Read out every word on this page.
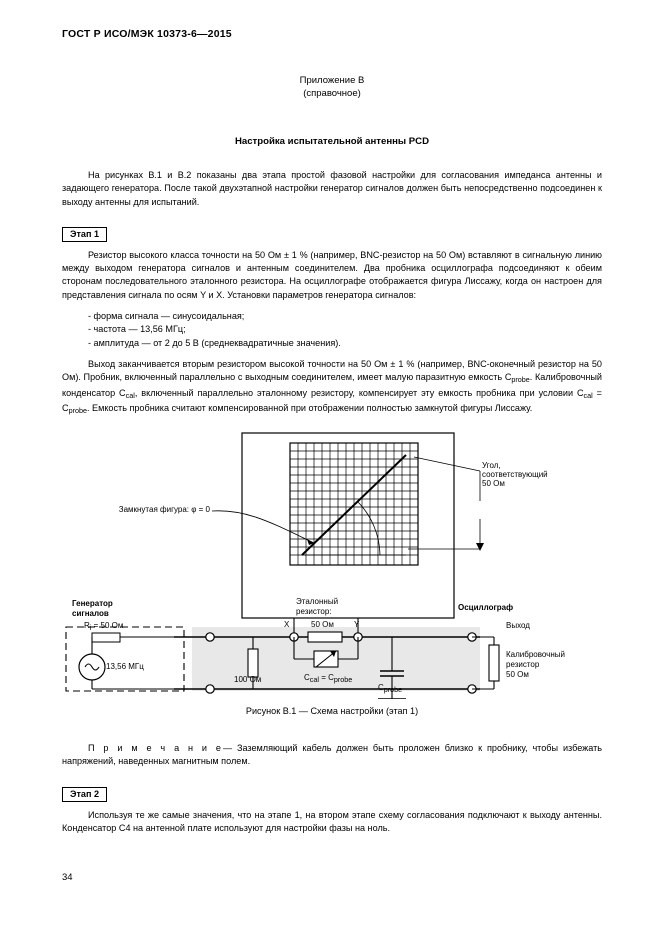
ГОСТ Р ИСО/МЭК 10373-6—2015
Приложение В
(справочное)
Настройка испытательной антенны PCD

На рисунках В.1 и В.2 показаны два этапа простой фазовой настройки для согласования импеданса антенны и задающего генератора. После такой двухэтапной настройки генератор сигналов должен быть непосредственно подсоединен к выходу антенны для испытаний.

Этап 1

Резистор высокого класса точности на 50 Ом ± 1 % (например, BNC-резистор на 50 Ом) вставляют в сигнальную линию между выходом генератора сигналов и антенным соединителем. Два пробника осциллографа подсоединяют к обеим сторонам последовательного эталонного резистора. На осциллографе отображается фигура Лиссажу, когда он настроен для представления сигнала по осям Y и X. Установки параметров генератора сигналов:

- форма сигнала — синусоидальная;
- частота — 13,56 МГц;
- амплитуда — от 2 до 5 В (среднеквадратичные значения).

Выход заканчивается вторым резистором высокой точности на 50 Ом ± 1 % (например, BNC-оконечный резистор на 50 Ом). Пробник, включенный параллельно с выходным соединителем, имеет малую паразитную емкость $C_{probe}$. Калибровочный конденсатор $C_{cal}$, включенный параллельно эталонному резистору, компенсирует эту емкость пробника при условии $C_{cal} = C_{probe}$. Емкость пробника считают компенсированной при отображении полностью замкнутой фигуры Лиссажу.

Замкнутая фигура: φ = 0
Угол,
соответствующий
50 Ом
Осциллограф
Генератор
сигналов
Ri = 50 Ом
13,56 МГц
Эталонный
резистор:
50 Ом
X	Y
100 Ом	Ccal = Cprobe
Cprobe
Выход
Калибровочный
резистор
50 Ом
Рисунок В.1 — Схема настройки (этап 1)

П р и м е ч а н и е— Заземляющий кабель должен быть проложен близко к пробнику, чтобы избежать напряжений, наведенных магнитным полем.

Этап 2

Используя те же самые значения, что на этапе 1, на втором этапе схему согласования подключают к выходу антенны. Конденсатор C4 на антенной плате используют для настройки фазы на ноль.

34
